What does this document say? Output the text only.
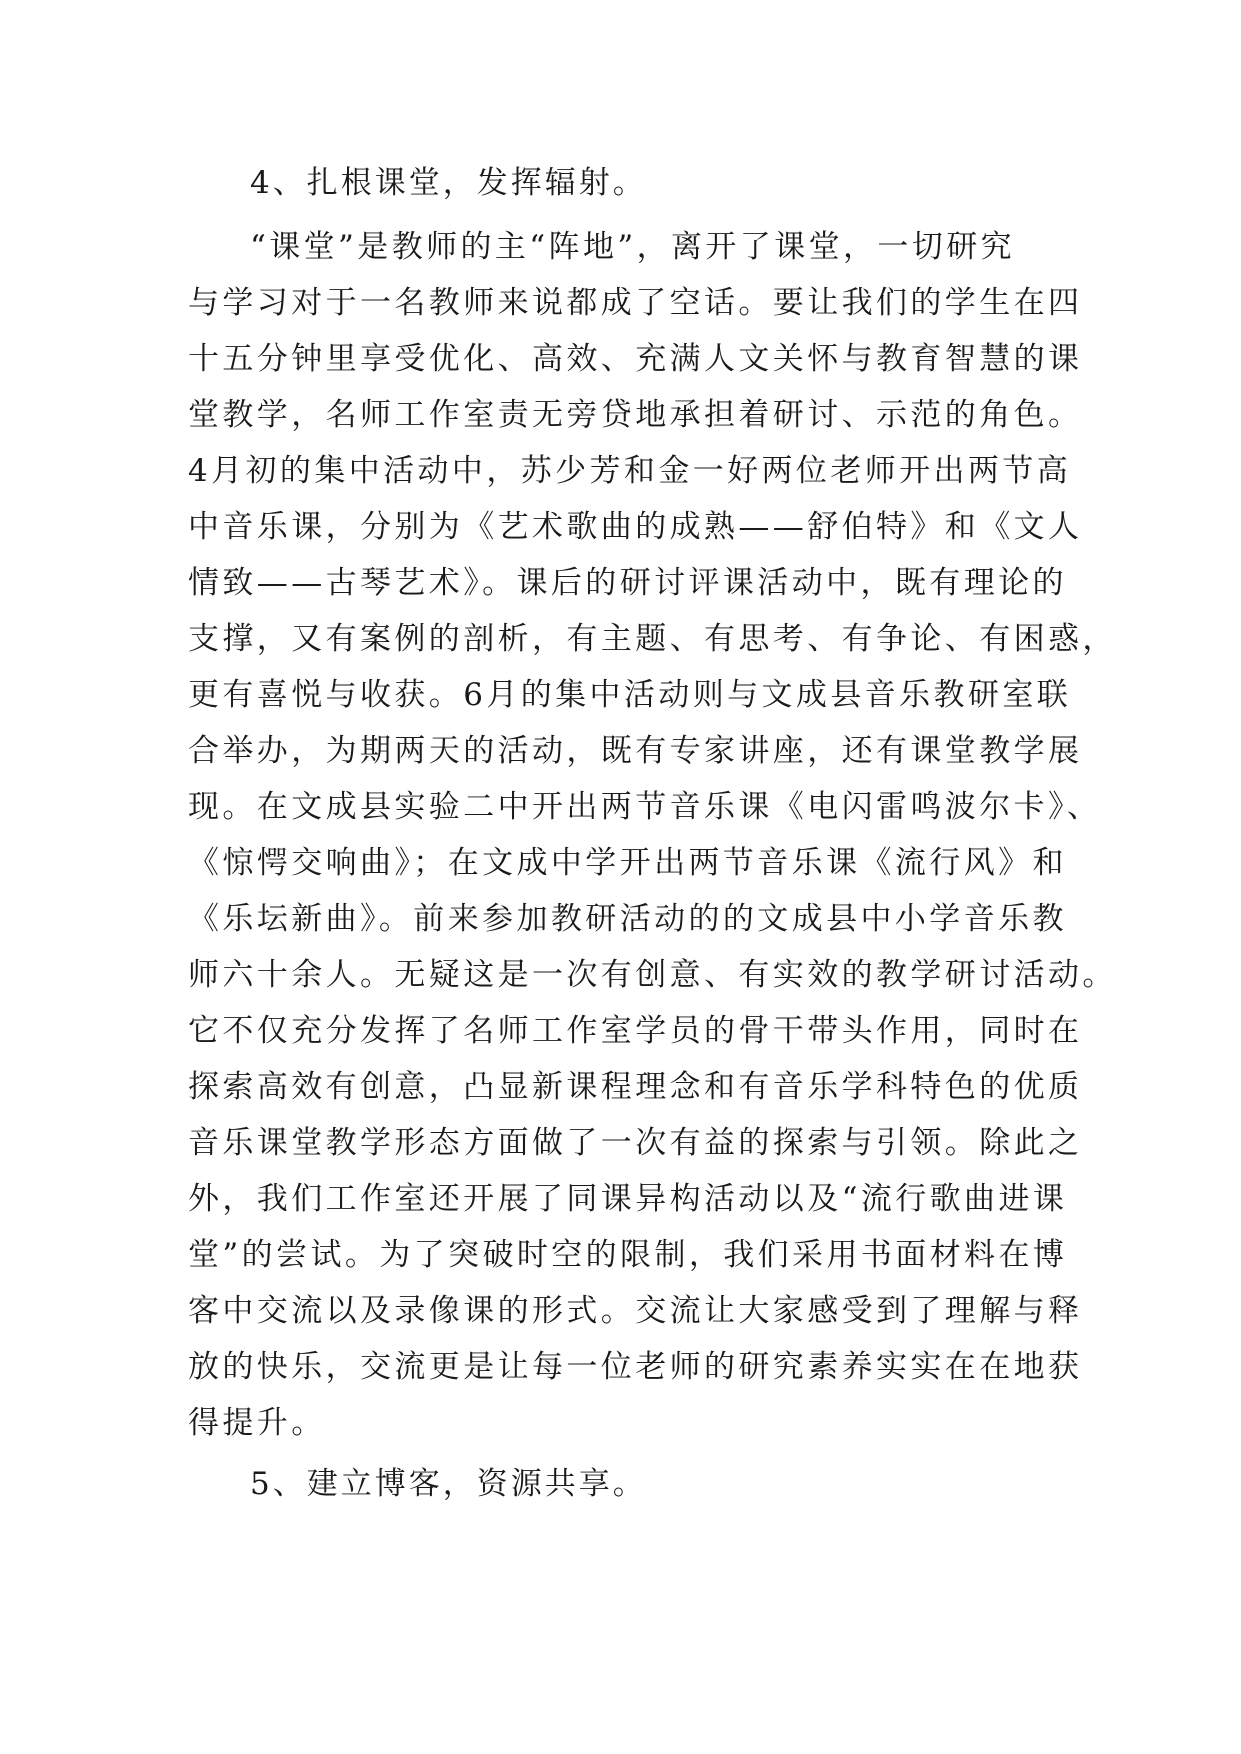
4、扎根课堂，发挥辐射。
“课堂”是教师的主“阵地”，离开了课堂，一切研究
与学习对于一名教师来说都成了空话。要让我们的学生在四
十五分钟里享受优化、高效、充满人文关怀与教育智慧的课
堂教学，名师工作室责无旁贷地承担着研讨、示范的角色。
4月初的集中活动中，苏少芳和金一好两位老师开出两节高
中音乐课，分别为《艺术歌曲的成熟——舒伯特》和《文人
情致——古琴艺术》。课后的研讨评课活动中，既有理论的
支撑，又有案例的剖析，有主题、有思考、有争论、有困惑，
更有喜悦与收获。6月的集中活动则与文成县音乐教研室联
合举办，为期两天的活动，既有专家讲座，还有课堂教学展
现。在文成县实验二中开出两节音乐课《电闪雷鸣波尔卡》、
《惊愕交响曲》；在文成中学开出两节音乐课《流行风》和
《乐坛新曲》。前来参加教研活动的的文成县中小学音乐教
师六十余人。无疑这是一次有创意、有实效的教学研讨活动。
它不仅充分发挥了名师工作室学员的骨干带头作用，同时在
探索高效有创意，凸显新课程理念和有音乐学科特色的优质
音乐课堂教学形态方面做了一次有益的探索与引领。除此之
外，我们工作室还开展了同课异构活动以及“流行歌曲进课
堂”的尝试。为了突破时空的限制，我们采用书面材料在博
客中交流以及录像课的形式。交流让大家感受到了理解与释
放的快乐，交流更是让每一位老师的研究素养实实在在地获
得提升。
5、建立博客，资源共享。
